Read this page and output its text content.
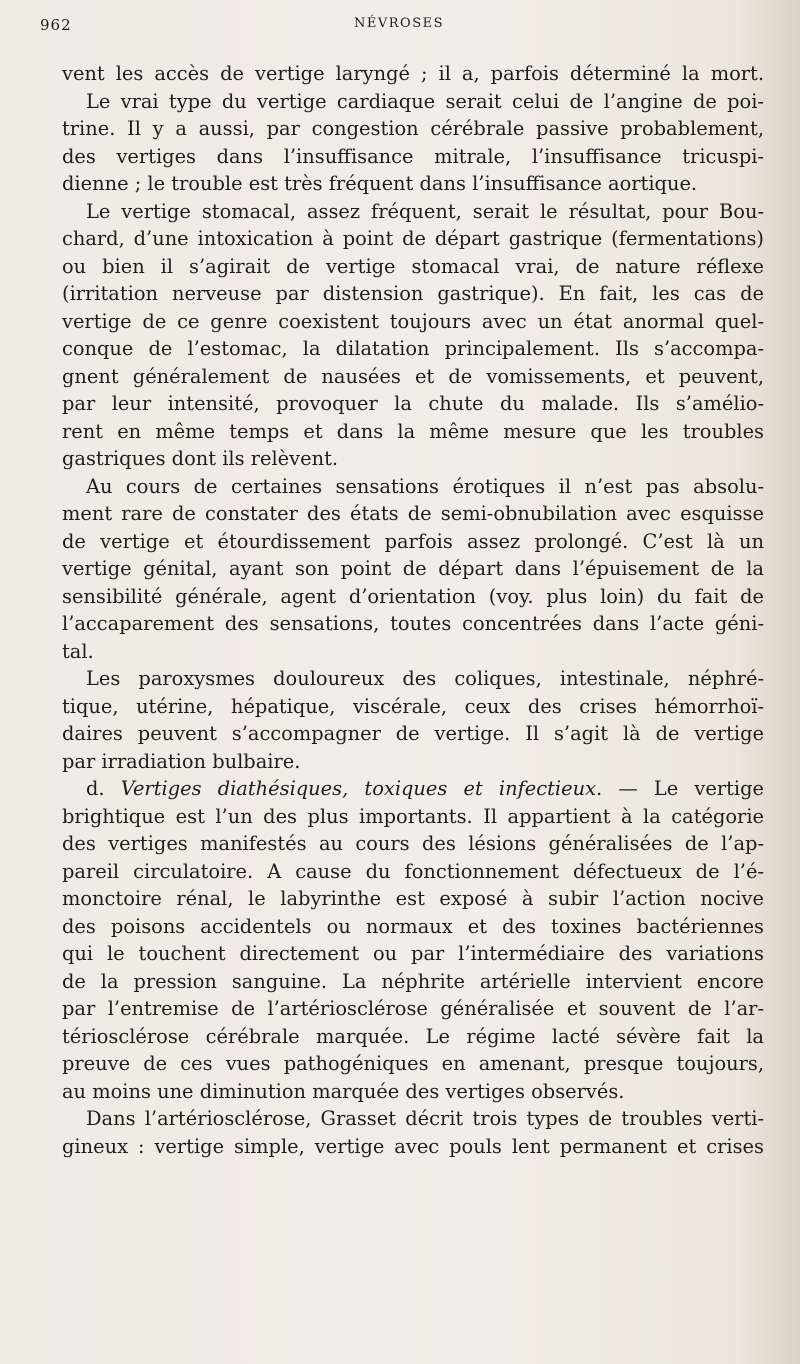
962	NÉVROSES
vent les accès de vertige laryngé ; il a, parfois déterminé la mort.
Le vrai type du vertige cardiaque serait celui de l’angine de poi-
trine. Il y a aussi, par congestion cérébrale passive probablement,
des vertiges dans l’insuffisance mitrale, l’insuffisance tricuspi-
dienne ; le trouble est très fréquent dans l’insuffisance aortique.
Le vertige stomacal, assez fréquent, serait le résultat, pour Bou-
chard, d’une intoxication à point de départ gastrique (fermentations)
ou bien il s’agirait de vertige stomacal vrai, de nature réflexe
(irritation nerveuse par distension gastrique). En fait, les cas de
vertige de ce genre coexistent toujours avec un état anormal quel-
conque de l’estomac, la dilatation principalement. Ils s’accompa-
gnent généralement de nausées et de vomissements, et peuvent,
par leur intensité, provoquer la chute du malade. Ils s’amélio-
rent en même temps et dans la même mesure que les troubles
gastriques dont ils relèvent.
Au cours de certaines sensations érotiques il n’est pas absolu-
ment rare de constater des états de semi-obnubilation avec esquisse
de vertige et étourdissement parfois assez prolongé. C’est là un
vertige génital, ayant son point de départ dans l’épuisement de la
sensibilité générale, agent d’orientation (voy. plus loin) du fait de
l’accaparement des sensations, toutes concentrées dans l’acte géni-
tal.
Les paroxysmes douloureux des coliques, intestinale, néphré-
tique, utérine, hépatique, viscérale, ceux des crises hémorrhoï-
daires peuvent s’accompagner de vertige. Il s’agit là de vertige
par irradiation bulbaire.
d. Vertiges diathésiques, toxiques et infectieux. — Le vertige
brightique est l’un des plus importants. Il appartient à la catégorie
des vertiges manifestés au cours des lésions généralisées de l’ap-
pareil circulatoire. A cause du fonctionnement défectueux de l’é-
monctoire rénal, le labyrinthe est exposé à subir l’action nocive
des poisons accidentels ou normaux et des toxines bactériennes
qui le touchent directement ou par l’intermédiaire des variations
de la pression sanguine. La néphrite artérielle intervient encore
par l’entremise de l’artériosclérose généralisée et souvent de l’ar-
tériosclérose cérébrale marquée. Le régime lacté sévère fait la
preuve de ces vues pathogéniques en amenant, presque toujours,
au moins une diminution marquée des vertiges observés.
Dans l’artériosclérose, Grasset décrit trois types de troubles verti-
gineux : vertige simple, vertige avec pouls lent permanent et crises
